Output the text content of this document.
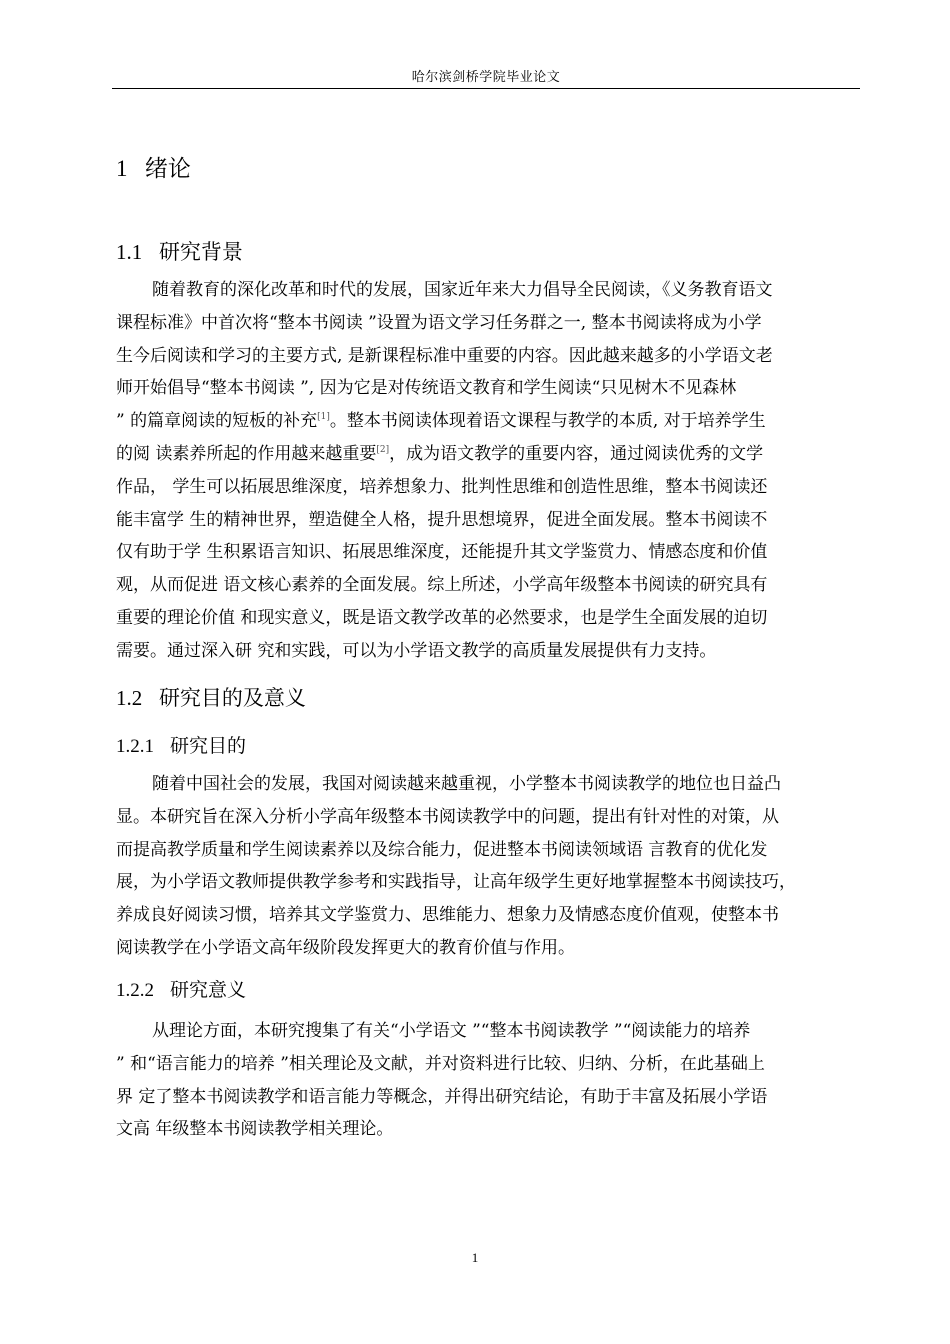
哈尔滨剑桥学院毕业论文
1 绪论
1.1 研究背景
随着教育的深化改革和时代的发展，国家近年来大力倡导全民阅读，《义务教育语文
课程标准》中首次将“整本书阅读 ”设置为语文学习任务群之一, 整本书阅读将成为小学
生今后阅读和学习的主要方式, 是新课程标准中重要的内容。因此越来越多的小学语文老
师开始倡导“整本书阅读 ”, 因为它是对传统语文教育和学生阅读“只见树木不见森林
” 的篇章阅读的短板的补充[1]。整本书阅读体现着语文课程与教学的本质, 对于培养学生
的阅 读素养所起的作用越来越重要[2]，成为语文教学的重要内容，通过阅读优秀的文学
作品， 学生可以拓展思维深度，培养想象力、批判性思维和创造性思维，整本书阅读还
能丰富学 生的精神世界，塑造健全人格，提升思想境界，促进全面发展。整本书阅读不
仅有助于学 生积累语言知识、拓展思维深度，还能提升其文学鉴赏力、情感态度和价值
观，从而促进 语文核心素养的全面发展。综上所述，小学高年级整本书阅读的研究具有
重要的理论价值 和现实意义，既是语文教学改革的必然要求，也是学生全面发展的迫切
需要。通过深入研 究和实践，可以为小学语文教学的高质量发展提供有力支持。
1.2 研究目的及意义
1.2.1 研究目的
随着中国社会的发展，我国对阅读越来越重视，小学整本书阅读教学的地位也日益凸
显。本研究旨在深入分析小学高年级整本书阅读教学中的问题，提出有针对性的对策，从
而提高教学质量和学生阅读素养以及综合能力，促进整本书阅读领域语 言教育的优化发
展，为小学语文教师提供教学参考和实践指导，让高年级学生更好地掌握整本书阅读技巧，
养成良好阅读习惯，培养其文学鉴赏力、思维能力、想象力及情感态度价值观，使整本书
阅读教学在小学语文高年级阶段发挥更大的教育价值与作用。
1.2.2 研究意义
从理论方面，本研究搜集了有关“小学语文 ”“整本书阅读教学 ”“阅读能力的培养
” 和“语言能力的培养 ”相关理论及文献，并对资料进行比较、归纳、分析，在此基础上
界 定了整本书阅读教学和语言能力等概念，并得出研究结论，有助于丰富及拓展小学语
文高 年级整本书阅读教学相关理论。
1
